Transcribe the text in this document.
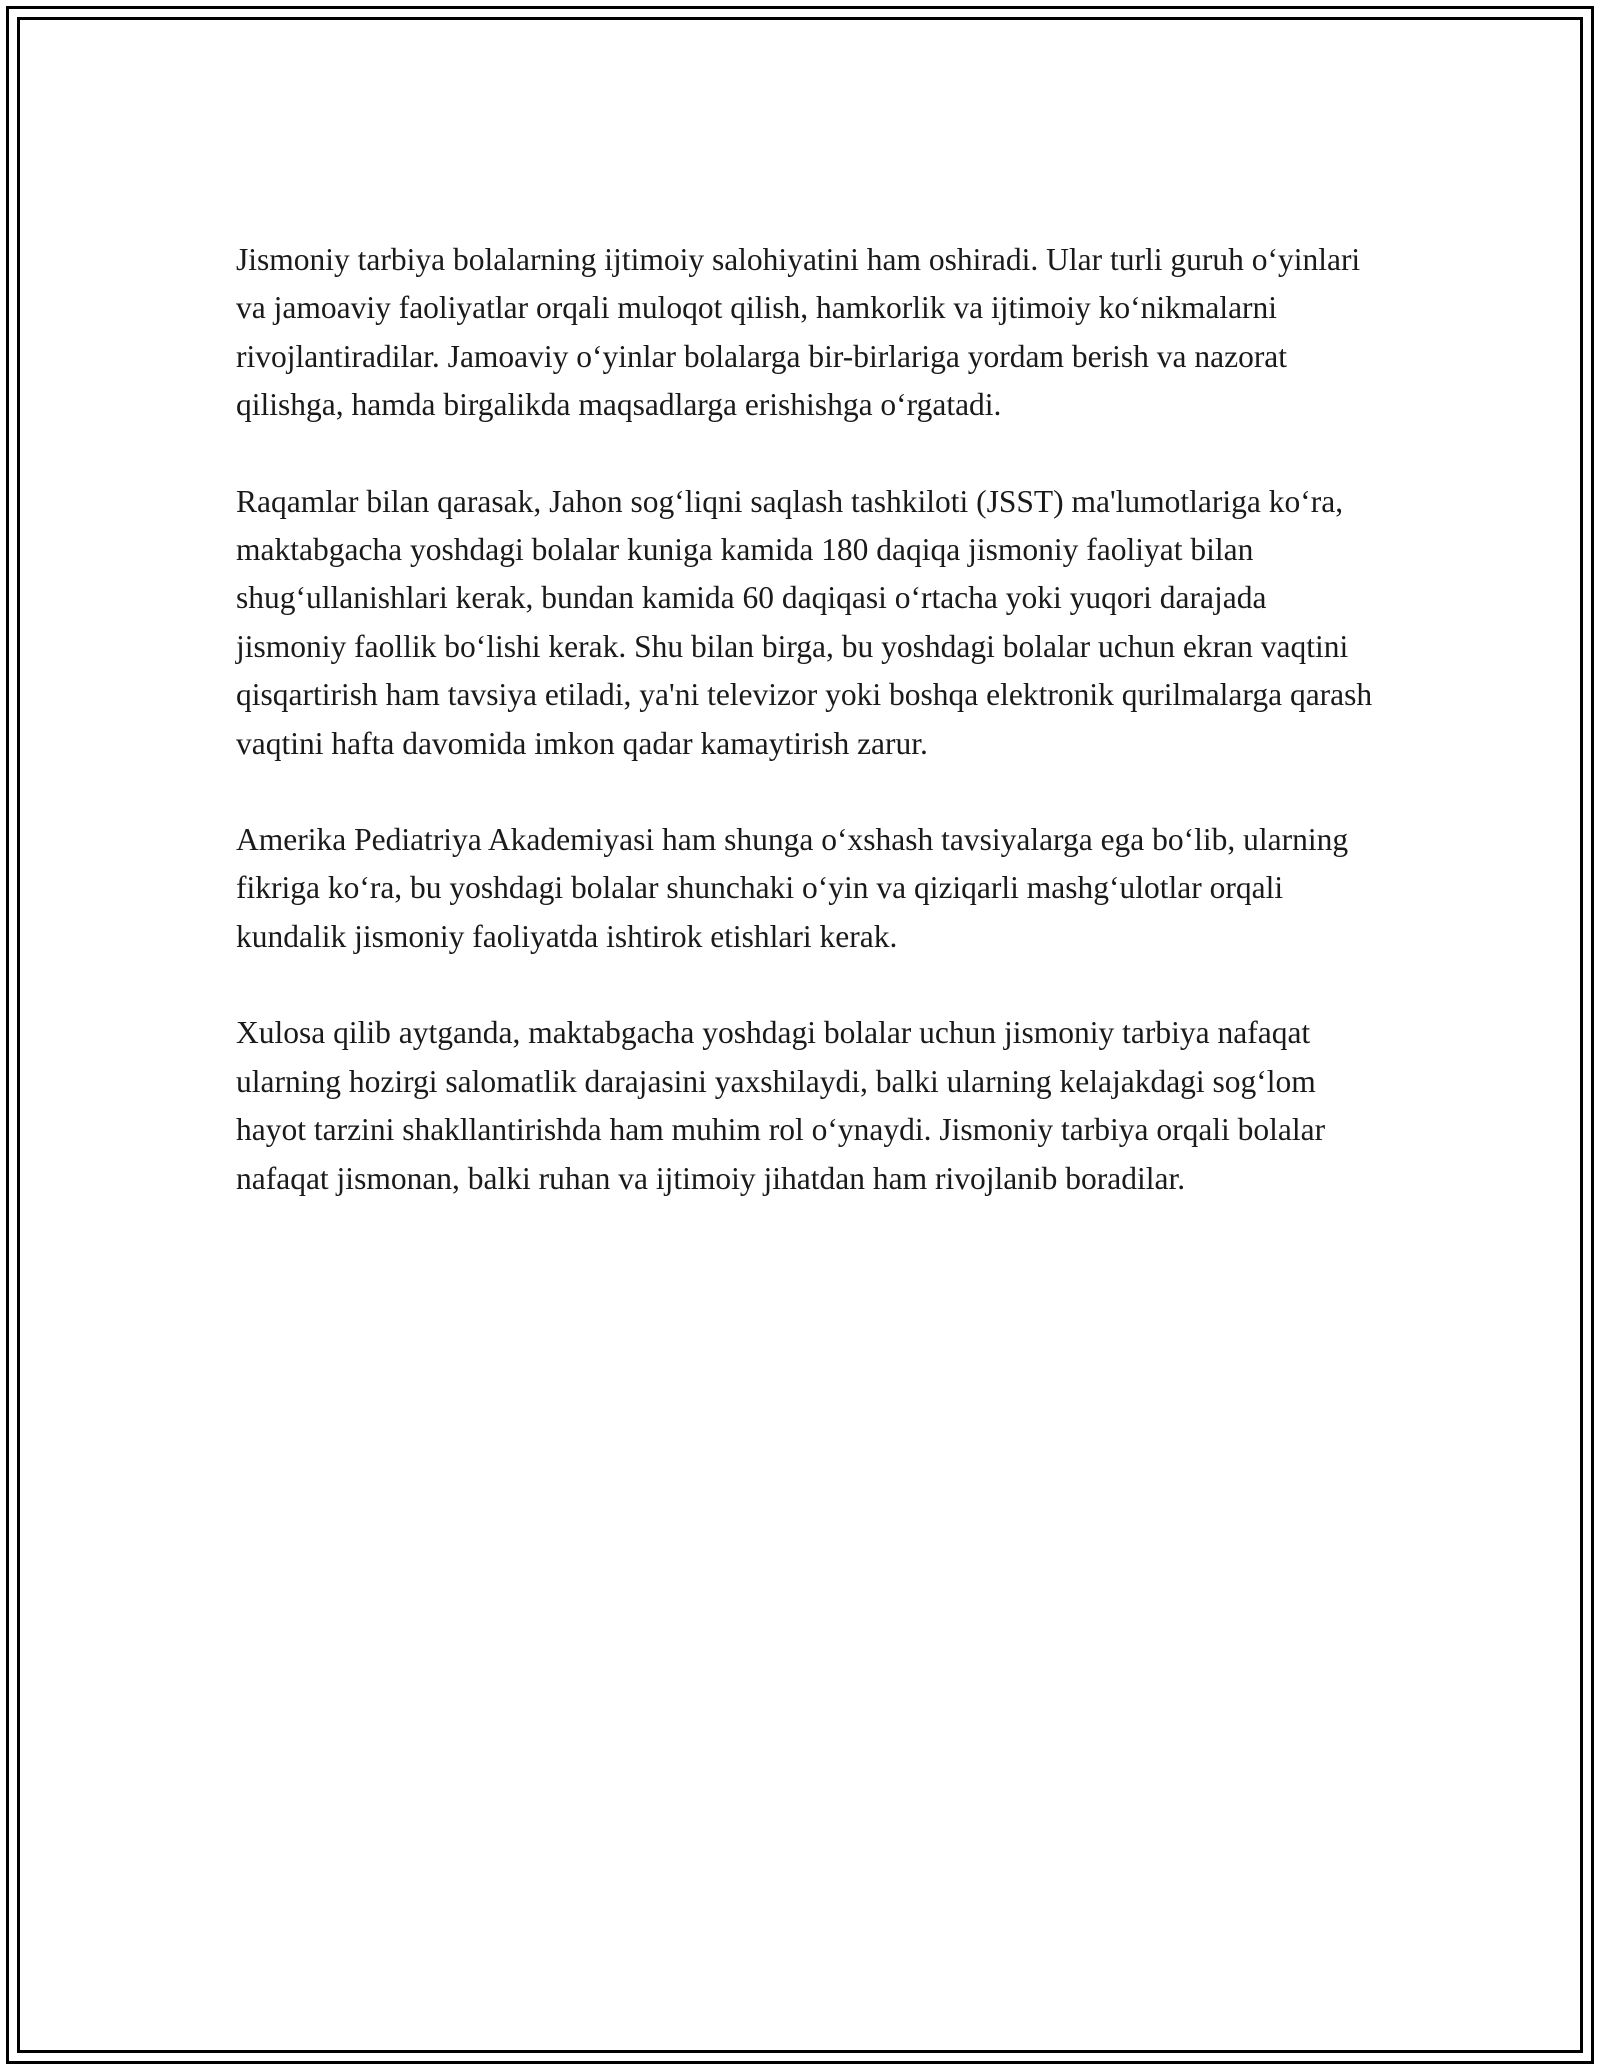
Jismoniy tarbiya bolalarning ijtimoiy salohiyatini ham oshiradi. Ular turli guruh o‘yinlari va jamoaviy faoliyatlar orqali muloqot qilish, hamkorlik va ijtimoiy ko‘nikmalarni rivojlantiradilar. Jamoaviy o‘yinlar bolalarga bir-birlariga yordam berish va nazorat qilishga, hamda birgalikda maqsadlarga erishishga o‘rgatadi.

Raqamlar bilan qarasak, Jahon sog‘liqni saqlash tashkiloti (JSST) ma'lumotlariga ko‘ra, maktabgacha yoshdagi bolalar kuniga kamida 180 daqiqa jismoniy faoliyat bilan shug‘ullanishlari kerak, bundan kamida 60 daqiqasi o‘rtacha yoki yuqori darajada jismoniy faollik bo‘lishi kerak. Shu bilan birga, bu yoshdagi bolalar uchun ekran vaqtini qisqartirish ham tavsiya etiladi, ya'ni televizor yoki boshqa elektronik qurilmalarga qarash vaqtini hafta davomida imkon qadar kamaytirish zarur.

Amerika Pediatriya Akademiyasi ham shunga o‘xshash tavsiyalarga ega bo‘lib, ularning fikriga ko‘ra, bu yoshdagi bolalar shunchaki o‘yin va qiziqarli mashg‘ulotlar orqali kundalik jismoniy faoliyatda ishtirok etishlari kerak.

Xulosa qilib aytganda, maktabgacha yoshdagi bolalar uchun jismoniy tarbiya nafaqat ularning hozirgi salomatlik darajasini yaxshilaydi, balki ularning kelajakdagi sog‘lom hayot tarzini shakllantirishda ham muhim rol o‘ynaydi. Jismoniy tarbiya orqali bolalar nafaqat jismonan, balki ruhan va ijtimoiy jihatdan ham rivojlanib boradilar.
